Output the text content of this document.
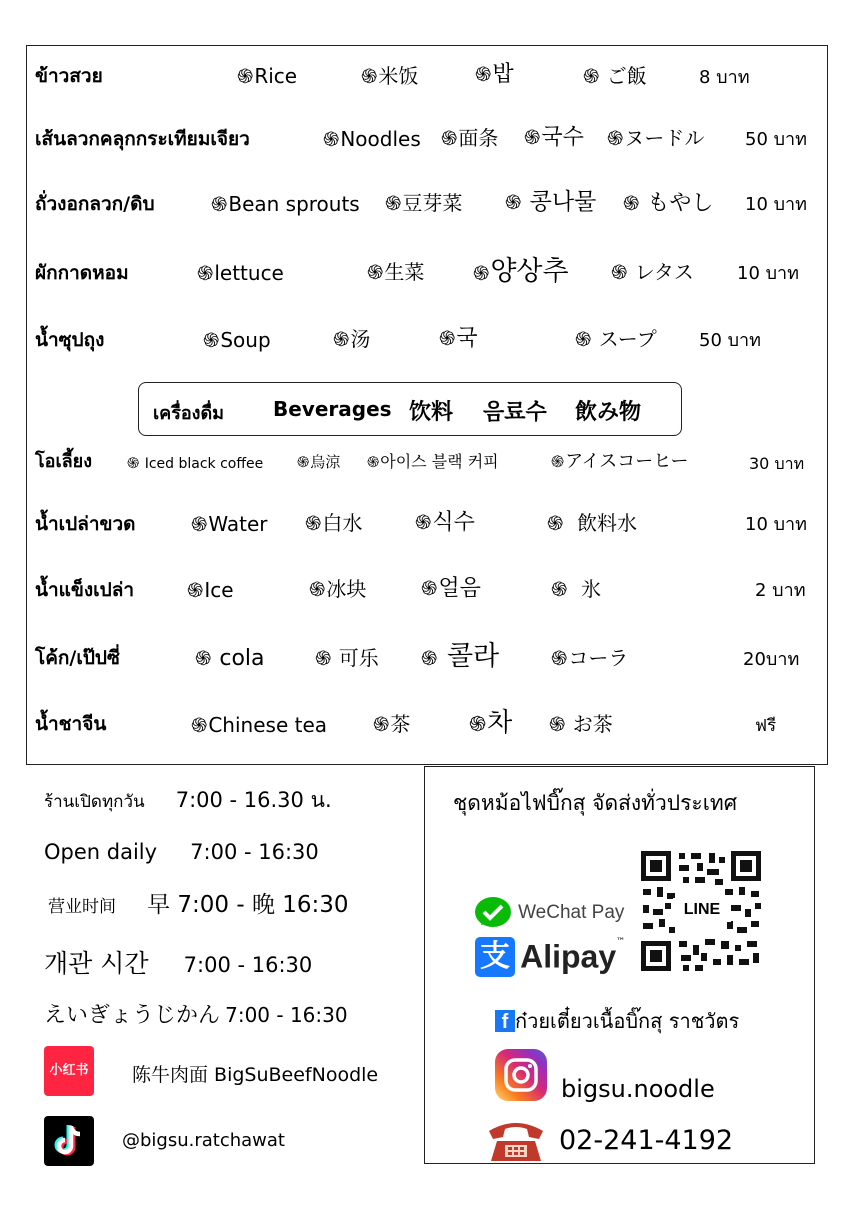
ข้าวสวย	֍Rice	֍米饭	֍밥	֍ ご飯	8 บาท
เส้นลวกคลุกกระเทียมเจียว	֍Noodles ֍面条 ֍국수 ֍ヌードル 50 บาท
ถั่วงอกลวก/ดิบ	֍Bean sprouts ֍豆芽菜 ֍ 콩나물 ֍ もやし 10 บาท
ผักกาดหอม	֍lettuce	֍生菜 ֍양상추 ֍ レタス 10 บาท
น้ำซุปถุง	֍Soup	֍汤	֍국	֍ スープ 50 บาท
โอเลี้ยง ֍ Iced black coffee ֍烏涼 ֍아이스 블랙 커피	֍アイスコーヒー	30 บาท
น้ำเปล่าขวด	֍Water ֍白水	֍식수	֍ 飲料水	10 บาท
น้ำแข็งเปล่า	֍Ice	֍冰块	֍얼음	֍ 氷	2 บาท
โค้ก/เป๊ปซี่	֍ cola	֍ 可乐 ֍ 콜라	֍コーラ	20บาท
น้ำชาจีน	֍Chinese tea ֍茶	֍차 ֍ お茶	ฟรี
เครื่องดื่ม Beverages 饮料 음료수 飲み物
ร้านเปิดทุกวัน 7:00 - 16.30 น.
Open daily 7:00 - 16:30
营业时间 早 7:00 - 晚 16:30
개관 시간 7:00 - 16:30
えいぎょうじかん 7:00 - 16:30
小红书 陈牛肉面 BigSuBeefNoodle
@bigsu.ratchawat
ชุดหม้อไฟบิ๊กสุ จัดส่งทั่วประเทศ
WeChat Pay
支 Alipay™
LINE
f ก๋วยเตี๋ยวเนื้อบิ๊กสุ ราชวัตร
bigsu.noodle
02-241-4192
